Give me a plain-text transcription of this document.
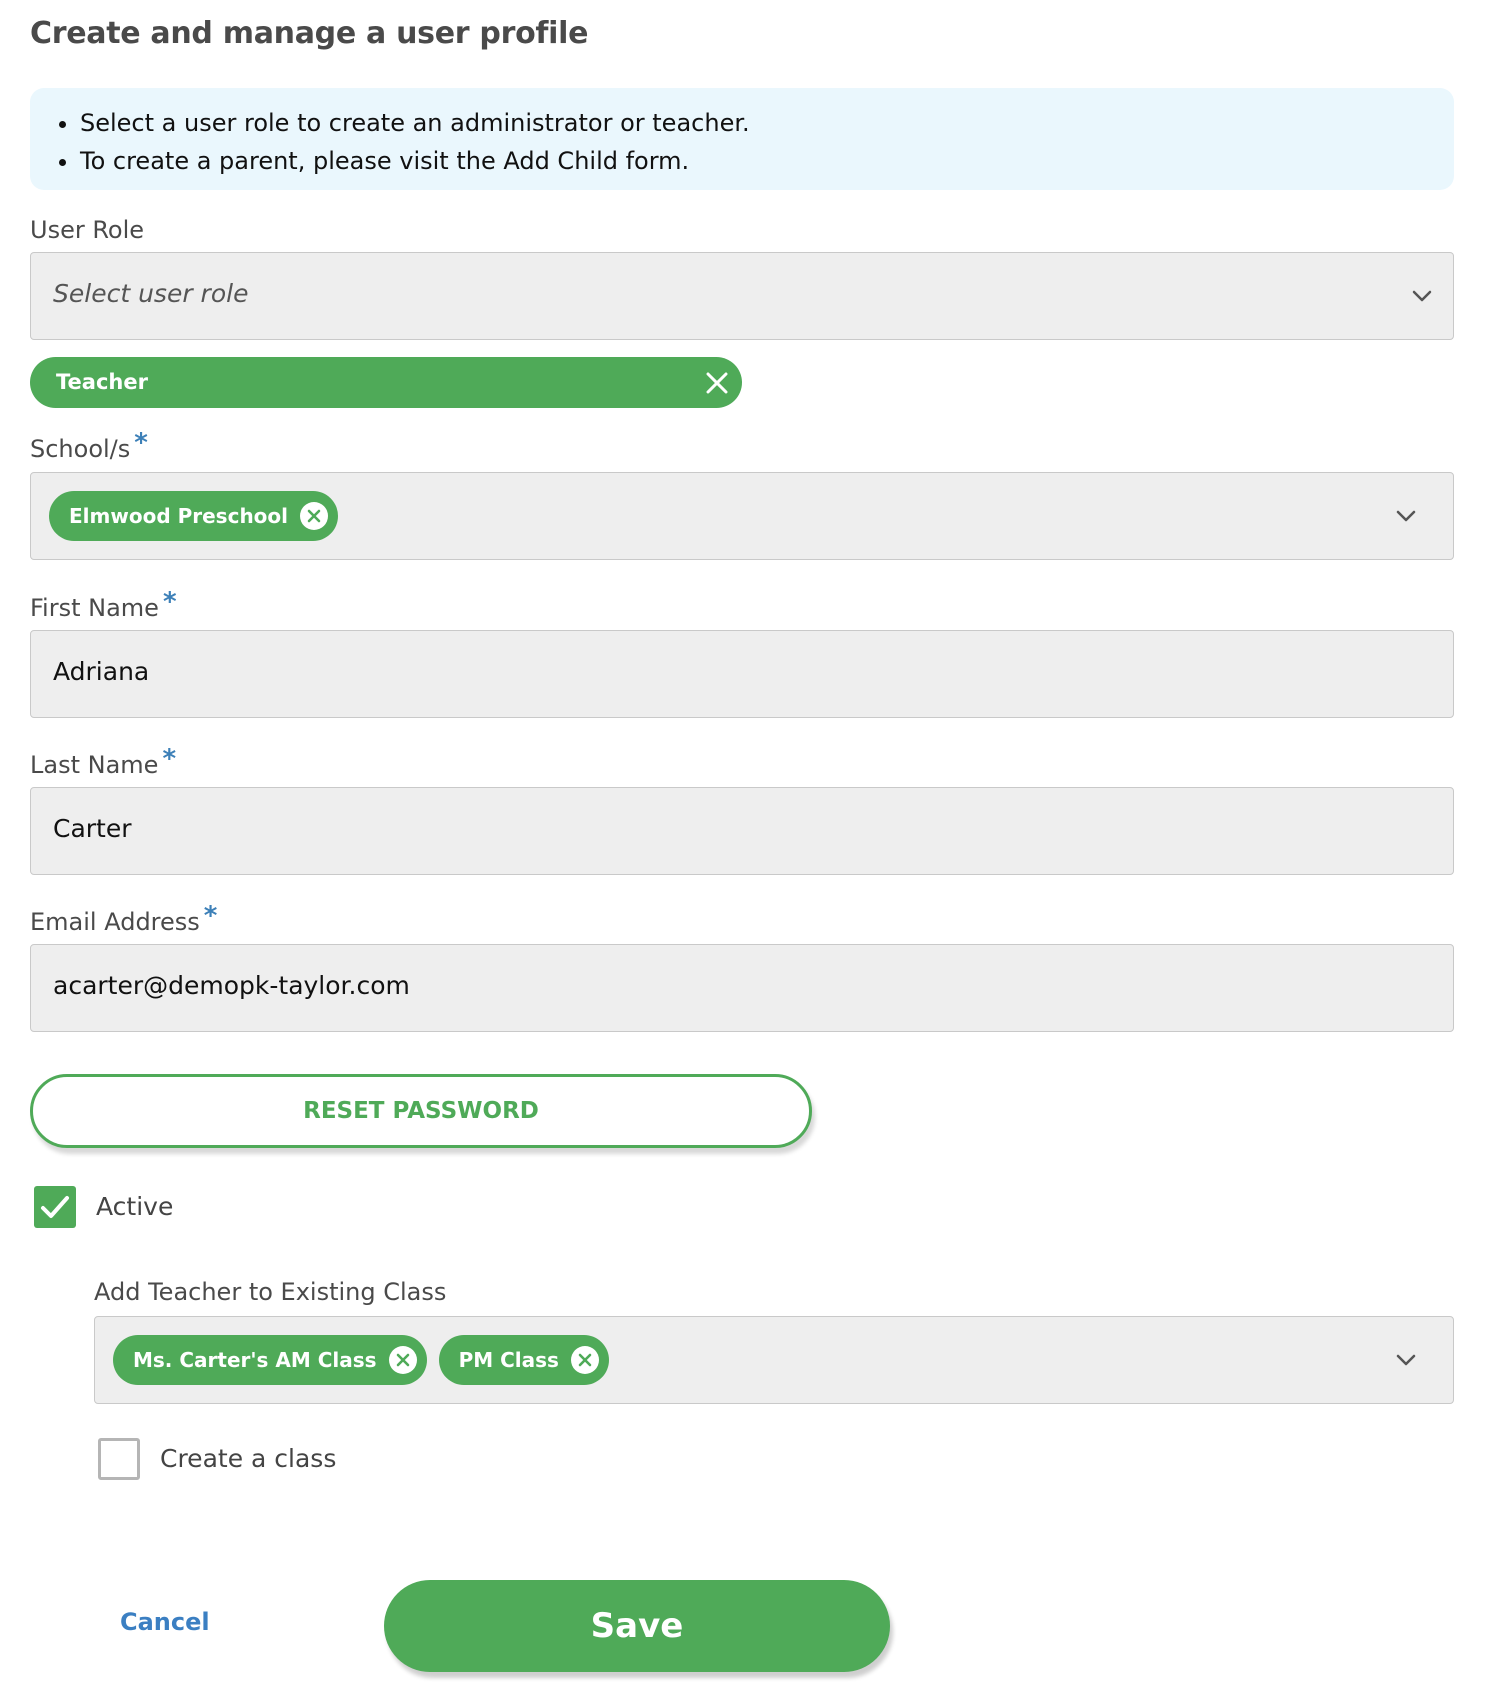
Create and manage a user profile
• Select a user role to create an administrator or teacher.
• To create a parent, please visit the Add Child form.
User Role
Select user role
Teacher
School/s *
Elmwood Preschool
First Name *
Adriana
Last Name *
Carter
Email Address *
acarter@demopk-taylor.com
RESET PASSWORD
Active
Add Teacher to Existing Class
Ms. Carter's AM Class	PM Class
Create a class
Cancel	Save
